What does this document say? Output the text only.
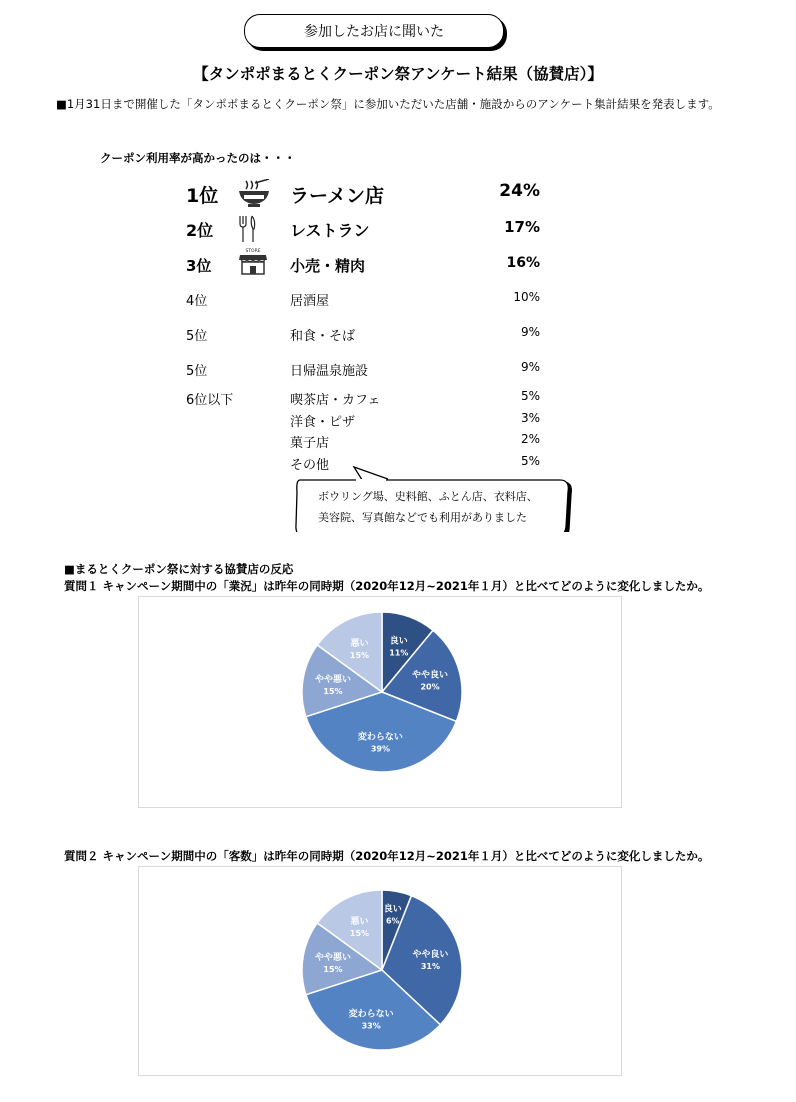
参加したお店に聞いた
【タンポポまるとくクーポン祭アンケート結果（協賛店）】
■1月31日まで開催した「タンポポまるとくクーポン祭」に参加いただいた店舗・施設からのアンケート集計結果を発表します。
クーポン利用率が高かったのは・・・
1位	ラーメン店	24%
2位	レストラン	17%
3位	小売・精肉	16%
STORE
4位	居酒屋	10%
5位	和食・そば	9%
5位	日帰温泉施設	9%
6位以下	喫茶店・カフェ	5%
洋食・ピザ	3%
菓子店	2%
その他	5%
ボウリング場、史料館、ふとん店、衣料店、
美容院、写真館などでも利用がありました
■まるとくクーポン祭に対する協賛店の反応
質問１ キャンペーン期間中の「業況」は昨年の同時期（2020年12月~2021年１月）と比べてどのように変化しましたか。
良い
11%
やや良い
20%
変わらない
39%
やや悪い
15%
悪い
15%
質問２ キャンペーン期間中の「客数」は昨年の同時期（2020年12月~2021年１月）と比べてどのように変化しましたか。
良い
6%
やや良い
31%
変わらない
33%
やや悪い
15%
悪い
15%
